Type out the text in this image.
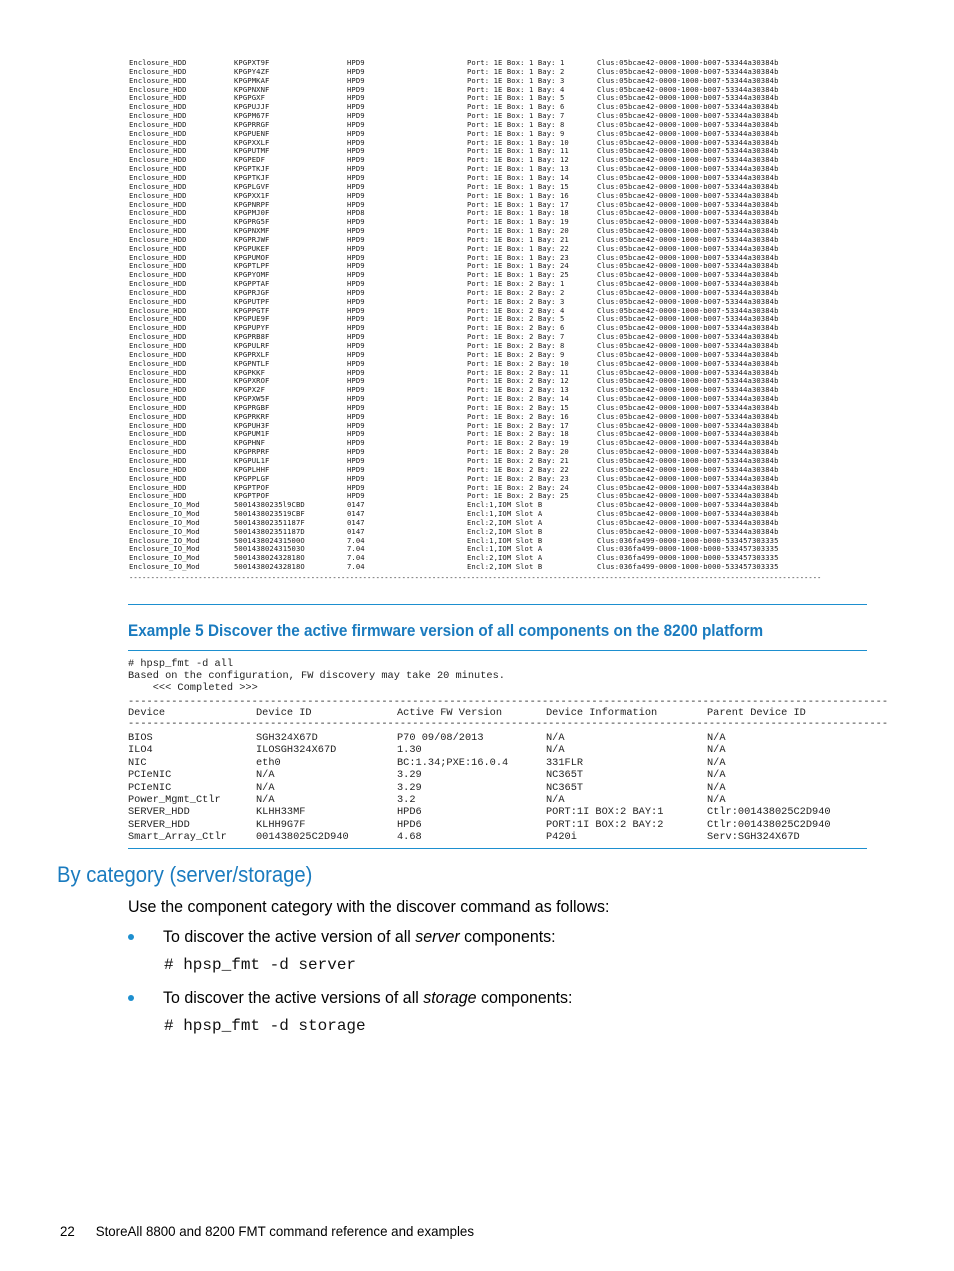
Enclosure_HDD	KPGPXT9F	HPD9	Port: 1E Box: 1 Bay: 1	Clus:05bcae42-0000-1000-b007-53344a30384b
Enclosure_HDD	KPGPY4ZF	HPD9	Port: 1E Box: 1 Bay: 2	Clus:05bcae42-0000-1000-b007-53344a30384b
Enclosure_HDD	KPGPMKAF	HPD9	Port: 1E Box: 1 Bay: 3	Clus:05bcae42-0000-1000-b007-53344a30384b
Enclosure_HDD	KPGPNXNF	HPD9	Port: 1E Box: 1 Bay: 4	Clus:05bcae42-0000-1000-b007-53344a30384b
Enclosure_HDD	KPGPGXF	HPD9	Port: 1E Box: 1 Bay: 5	Clus:05bcae42-0000-1000-b007-53344a30384b
Enclosure_HDD	KPGPUJJF	HPD9	Port: 1E Box: 1 Bay: 6	Clus:05bcae42-0000-1000-b007-53344a30384b
Enclosure_HDD	KPGPM67F	HPD9	Port: 1E Box: 1 Bay: 7	Clus:05bcae42-0000-1000-b007-53344a30384b
Enclosure_HDD	KPGPRRGF	HPD9	Port: 1E Box: 1 Bay: 8	Clus:05bcae42-0000-1000-b007-53344a30384b
Enclosure_HDD	KPGPUENF	HPD9	Port: 1E Box: 1 Bay: 9	Clus:05bcae42-0000-1000-b007-53344a30384b
Enclosure_HDD	KPGPXXLF	HPD9	Port: 1E Box: 1 Bay: 10	Clus:05bcae42-0000-1000-b007-53344a30384b
Enclosure_HDD	KPGPUTMF	HPD9	Port: 1E Box: 1 Bay: 11	Clus:05bcae42-0000-1000-b007-53344a30384b
Enclosure_HDD	KPGPEDF	HPD9	Port: 1E Box: 1 Bay: 12	Clus:05bcae42-0000-1000-b007-53344a30384b
Enclosure_HDD	KPGPTKJF	HPD9	Port: 1E Box: 1 Bay: 13	Clus:05bcae42-0000-1000-b007-53344a30384b
Enclosure_HDD	KPGPTKJF	HPD9	Port: 1E Box: 1 Bay: 14	Clus:05bcae42-0000-1000-b007-53344a30384b
Enclosure_HDD	KPGPLGVF	HPD9	Port: 1E Box: 1 Bay: 15	Clus:05bcae42-0000-1000-b007-53344a30384b
Enclosure_HDD	KPGPXX1F	HPD9	Port: 1E Box: 1 Bay: 16	Clus:05bcae42-0000-1000-b007-53344a30384b
Enclosure_HDD	KPGPNRPF	HPD9	Port: 1E Box: 1 Bay: 17	Clus:05bcae42-0000-1000-b007-53344a30384b
Enclosure_HDD	KPGPMJ0F	HPD8	Port: 1E Box: 1 Bay: 18	Clus:05bcae42-0000-1000-b007-53344a30384b
Enclosure_HDD	KPGPRG5F	HPD9	Port: 1E Box: 1 Bay: 19	Clus:05bcae42-0000-1000-b007-53344a30384b
Enclosure_HDD	KPGPNXMF	HPD9	Port: 1E Box: 1 Bay: 20	Clus:05bcae42-0000-1000-b007-53344a30384b
Enclosure_HDD	KPGPRJWF	HPD9	Port: 1E Box: 1 Bay: 21	Clus:05bcae42-0000-1000-b007-53344a30384b
Enclosure_HDD	KPGPUKEF	HPD9	Port: 1E Box: 1 Bay: 22	Clus:05bcae42-0000-1000-b007-53344a30384b
Enclosure_HDD	KPGPUMOF	HPD9	Port: 1E Box: 1 Bay: 23	Clus:05bcae42-0000-1000-b007-53344a30384b
Enclosure_HDD	KPGPTLPF	HPD9	Port: 1E Box: 1 Bay: 24	Clus:05bcae42-0000-1000-b007-53344a30384b
Enclosure_HDD	KPGPYOMF	HPD9	Port: 1E Box: 1 Bay: 25	Clus:05bcae42-0000-1000-b007-53344a30384b
Enclosure_HDD	KPGPPTAF	HPD9	Port: 1E Box: 2 Bay: 1	Clus:05bcae42-0000-1000-b007-53344a30384b
Enclosure_HDD	KPGPRJGF	HPD9	Port: 1E Box: 2 Bay: 2	Clus:05bcae42-0000-1000-b007-53344a30384b
Enclosure_HDD	KPGPUTPF	HPD9	Port: 1E Box: 2 Bay: 3	Clus:05bcae42-0000-1000-b007-53344a30384b
Enclosure_HDD	KPGPPGTF	HPD9	Port: 1E Box: 2 Bay: 4	Clus:05bcae42-0000-1000-b007-53344a30384b
Enclosure_HDD	KPGPUE9F	HPD9	Port: 1E Box: 2 Bay: 5	Clus:05bcae42-0000-1000-b007-53344a30384b
Enclosure_HDD	KPGPUPYF	HPD9	Port: 1E Box: 2 Bay: 6	Clus:05bcae42-0000-1000-b007-53344a30384b
Enclosure_HDD	KPGPRB8F	HPD9	Port: 1E Box: 2 Bay: 7	Clus:05bcae42-0000-1000-b007-53344a30384b
Enclosure_HDD	KPGPULRF	HPD9	Port: 1E Box: 2 Bay: 8	Clus:05bcae42-0000-1000-b007-53344a30384b
Enclosure_HDD	KPGPRXLF	HPD9	Port: 1E Box: 2 Bay: 9	Clus:05bcae42-0000-1000-b007-53344a30384b
Enclosure_HDD	KPGPNTLF	HPD9	Port: 1E Box: 2 Bay: 10	Clus:05bcae42-0000-1000-b007-53344a30384b
Enclosure_HDD	KPGPKKF	HPD9	Port: 1E Box: 2 Bay: 11	Clus:05bcae42-0000-1000-b007-53344a30384b
Enclosure_HDD	KPGPXROF	HPD9	Port: 1E Box: 2 Bay: 12	Clus:05bcae42-0000-1000-b007-53344a30384b
Enclosure_HDD	KPGPX2F	HPD9	Port: 1E Box: 2 Bay: 13	Clus:05bcae42-0000-1000-b007-53344a30384b
Enclosure_HDD	KPGPXW5F	HPD9	Port: 1E Box: 2 Bay: 14	Clus:05bcae42-0000-1000-b007-53344a30384b
Enclosure_HDD	KPGPRGBF	HPD9	Port: 1E Box: 2 Bay: 15	Clus:05bcae42-0000-1000-b007-53344a30384b
Enclosure_HDD	KPGPRKRF	HPD9	Port: 1E Box: 2 Bay: 16	Clus:05bcae42-0000-1000-b007-53344a30384b
Enclosure_HDD	KPGPUH3F	HPD9	Port: 1E Box: 2 Bay: 17	Clus:05bcae42-0000-1000-b007-53344a30384b
Enclosure_HDD	KPGPUM1F	HPD9	Port: 1E Box: 2 Bay: 18	Clus:05bcae42-0000-1000-b007-53344a30384b
Enclosure_HDD	KPGPHNF	HPD9	Port: 1E Box: 2 Bay: 19	Clus:05bcae42-0000-1000-b007-53344a30384b
Enclosure_HDD	KPGPRPRF	HPD9	Port: 1E Box: 2 Bay: 20	Clus:05bcae42-0000-1000-b007-53344a30384b
Enclosure_HDD	KPGPUL1F	HPD9	Port: 1E Box: 2 Bay: 21	Clus:05bcae42-0000-1000-b007-53344a30384b
Enclosure_HDD	KPGPLHHF	HPD9	Port: 1E Box: 2 Bay: 22	Clus:05bcae42-0000-1000-b007-53344a30384b
Enclosure_HDD	KPGPPLGF	HPD9	Port: 1E Box: 2 Bay: 23	Clus:05bcae42-0000-1000-b007-53344a30384b
Enclosure_HDD	KPGPTPOF	HPD9	Port: 1E Box: 2 Bay: 24	Clus:05bcae42-0000-1000-b007-53344a30384b
Enclosure_HDD	KPGPTPOF	HPD9	Port: 1E Box: 2 Bay: 25	Clus:05bcae42-0000-1000-b007-53344a30384b
Enclosure_IO_Mod	50014380235l9CBD	0147	Encl:1,IOM Slot B	Clus:05bcae42-0000-1000-b007-53344a30384b
Enclosure_IO_Mod	5001438023519CBF	0147	Encl:1,IOM Slot A	Clus:05bcae42-0000-1000-b007-53344a30384b
Enclosure_IO_Mod	500143802351187F	0147	Encl:2,IOM Slot A	Clus:05bcae42-0000-1000-b007-53344a30384b
Enclosure_IO_Mod	500143802351187D	0147	Encl:2,IOM Slot B	Clus:05bcae42-0000-1000-b007-53344a30384b
Enclosure_IO_Mod	500143802431500O	7.04	Encl:1,IOM Slot B	Clus:036fa499-0000-1000-b000-533457303335
Enclosure_IO_Mod	500143802431503O	7.04	Encl:1,IOM Slot A	Clus:036fa499-0000-1000-b000-533457303335
Enclosure_IO_Mod	500143802432818O	7.04	Encl:2,IOM Slot A	Clus:036fa499-0000-1000-b000-533457303335
Enclosure_IO_Mod	500143802432818O	7.04	Encl:2,IOM Slot B	Clus:036fa499-0000-1000-b000-533457303335
----------------------------------------------------------------------------------------------------------------------------------------------------------------
Example 5 Discover the active firmware version of all components on the 8200 platform
# hpsp_fmt -d all
Based on the configuration, FW discovery may take 20 minutes.
<<< Completed >>>
---------------------------------------------------------------------------------------------------------------------------
Device	Device ID	Active FW Version	Device Information	Parent Device ID
---------------------------------------------------------------------------------------------------------------------------
BIOS	SGH324X67D	P70 09/08/2013	N/A	N/A
ILO4	ILOSGH324X67D	1.30	N/A	N/A
NIC	eth0	BC:1.34;PXE:16.0.4	331FLR	N/A
PCIeNIC	N/A	3.29	NC365T	N/A
PCIeNIC	N/A	3.29	NC365T	N/A
Power_Mgmt_Ctlr	N/A	3.2	N/A	N/A
SERVER_HDD	KLHH33MF	HPD6	PORT:1I BOX:2 BAY:1	Ctlr:001438025C2D940
SERVER_HDD	KLHH9G7F	HPD6	PORT:1I BOX:2 BAY:2	Ctlr:001438025C2D940
Smart_Array_Ctlr	001438025C2D940	4.68	P420i	Serv:SGH324X67D
By category (server/storage)
Use the component category with the discover command as follows:
To discover the active version of all server components:
# hpsp_fmt -d server
To discover the active versions of all storage components:
# hpsp_fmt -d storage
22 StoreAll 8800 and 8200 FMT command reference and examples
